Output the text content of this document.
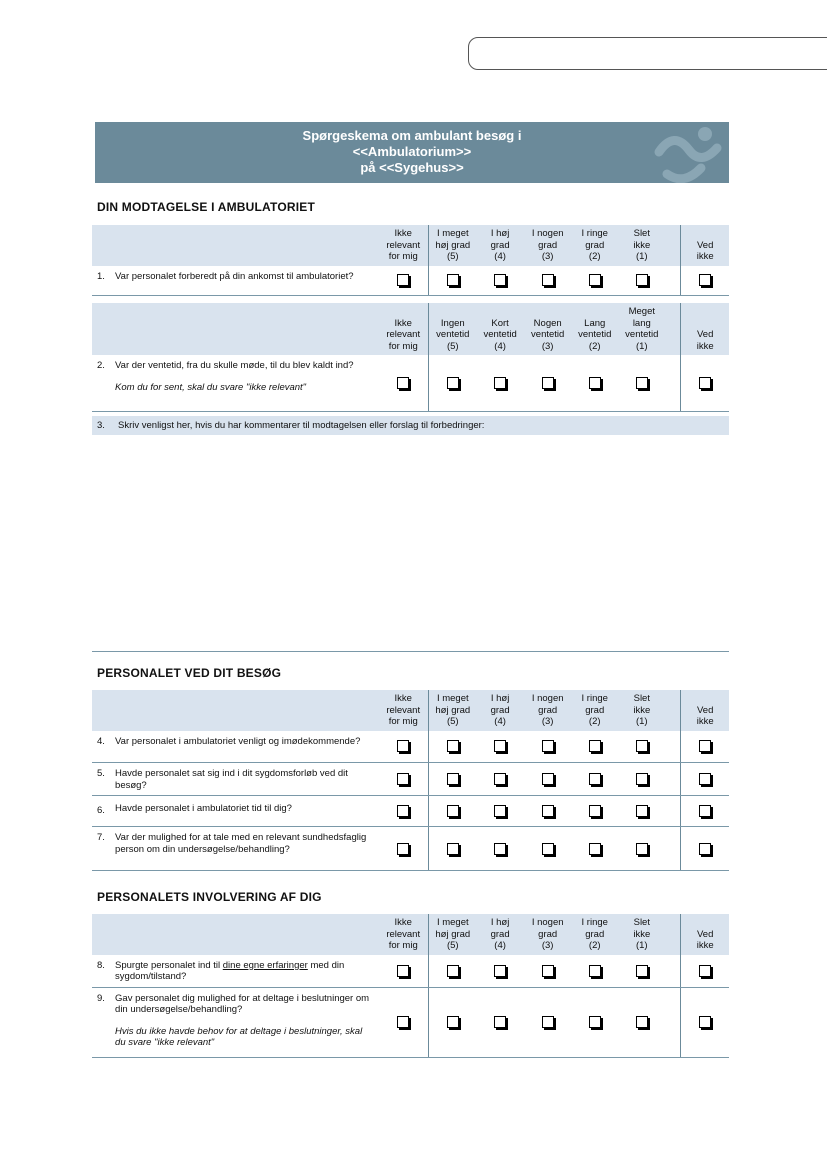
Spørgeskema om ambulant besøg i
<<Ambulatorium>>
på <<Sygehus>>
DIN MODTAGELSE I AMBULATORIET
		Ikke
relevant
for mig	I meget
høj grad
(5)	I høj
grad
(4)	I nogen
grad
(3)	I ringe
grad
(2)	Slet
ikke
(1)		Ved
ikke
1.	Var personalet forberedt på din ankomst til ambulatoriet?								

Ikke
relevant
for mig	Ingen
ventetid
(5)	Kort
ventetid
(4)	Nogen
ventetid
(3)	Lang
ventetid
(2)	Meget
lang
ventetid
(1)		Ved
ikke
2.	Var der ventetid, fra du skulle møde, til du blev kaldt ind?
Kom du for sent, skal du svare "ikke relevant"								

3. Skriv venligst her, hvis du har kommentarer til modtagelsen eller forslag til forbedringer:
PERSONALET VED DIT BESØG
		Ikke
relevant
for mig	I meget
høj grad
(5)	I høj
grad
(4)	I nogen
grad
(3)	I ringe
grad
(2)	Slet
ikke
(1)		Ved
ikke
4.	Var personalet i ambulatoriet venligt og imødekommende?								
5.	Havde personalet sat sig ind i dit sygdomsforløb ved dit besøg?								
6.	Havde personalet i ambulatoriet tid til dig?								
7.	Var der mulighed for at tale med en relevant sundhedsfaglig person om din undersøgelse/behandling?								
PERSONALETS INVOLVERING AF DIG
		Ikke
relevant
for mig	I meget
høj grad
(5)	I høj
grad
(4)	I nogen
grad
(3)	I ringe
grad
(2)	Slet
ikke
(1)		Ved
ikke
8.	Spurgte personalet ind til dine egne erfaringer med din sygdom/tilstand?								
9.	Gav personalet dig mulighed for at deltage i beslutninger om din undersøgelse/behandling?
Hvis du ikke havde behov for at deltage i beslutninger, skal du svare "ikke relevant"								
